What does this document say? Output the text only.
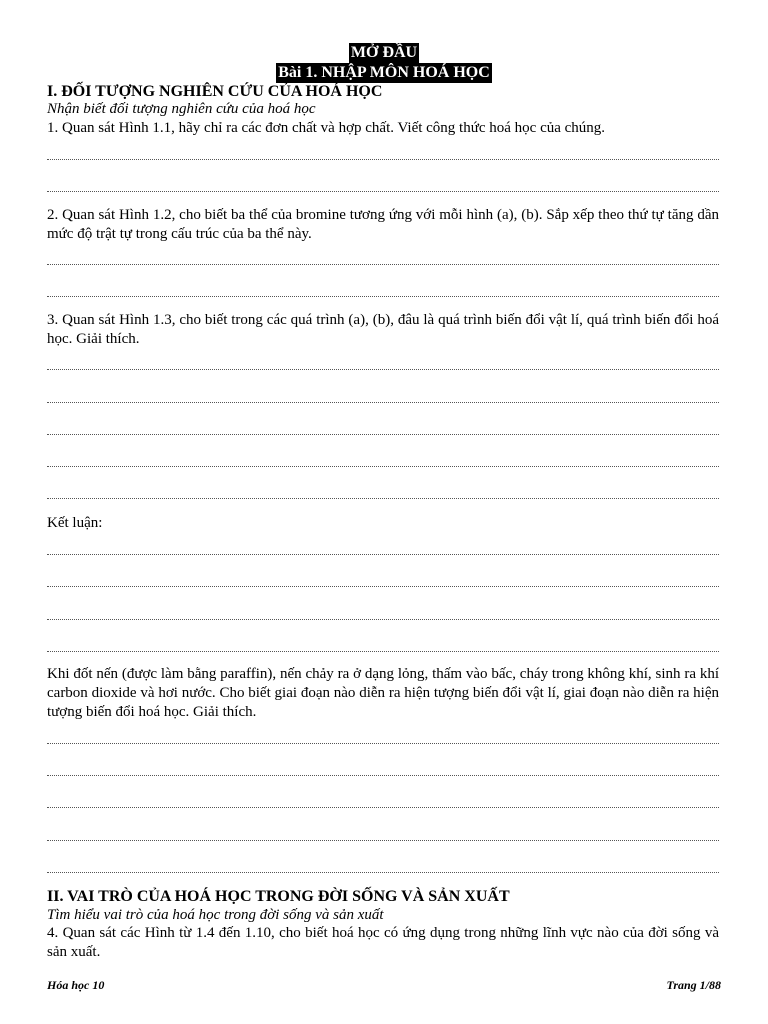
MỞ ĐẦU
Bài 1. NHẬP MÔN HOÁ HỌC
I. ĐỐI TƯỢNG NGHIÊN CỨU CỦA HOÁ HỌC
Nhận biết đối tượng nghiên cứu của hoá học
1. Quan sát Hình 1.1, hãy chỉ ra các đơn chất và hợp chất. Viết công thức hoá học của chúng.
2. Quan sát Hình 1.2, cho biết ba thể của bromine tương ứng với mỗi hình (a), (b). Sắp xếp theo thứ tự tăng dần mức độ trật tự trong cấu trúc của ba thể này.
3. Quan sát Hình 1.3, cho biết trong các quá trình (a), (b), đâu là quá trình biến đổi vật lí, quá trình biến đổi hoá học. Giải thích.
Kết luận:
Khi đốt nến (được làm bằng paraffin), nến chảy ra ở dạng lỏng, thấm vào bấc, cháy trong không khí, sinh ra khí carbon dioxide và hơi nước. Cho biết giai đoạn nào diễn ra hiện tượng biến đổi vật lí, giai đoạn nào diễn ra hiện tượng biến đổi hoá học. Giải thích.
II. VAI TRÒ CỦA HOÁ HỌC TRONG ĐỜI SỐNG VÀ SẢN XUẤT
Tìm hiểu vai trò của hoá học trong đời sống và sản xuất
4. Quan sát các Hình từ 1.4 đến 1.10, cho biết hoá học có ứng dụng trong những lĩnh vực nào của đời sống và sản xuất.
Hóa học 10	Trang 1/88
